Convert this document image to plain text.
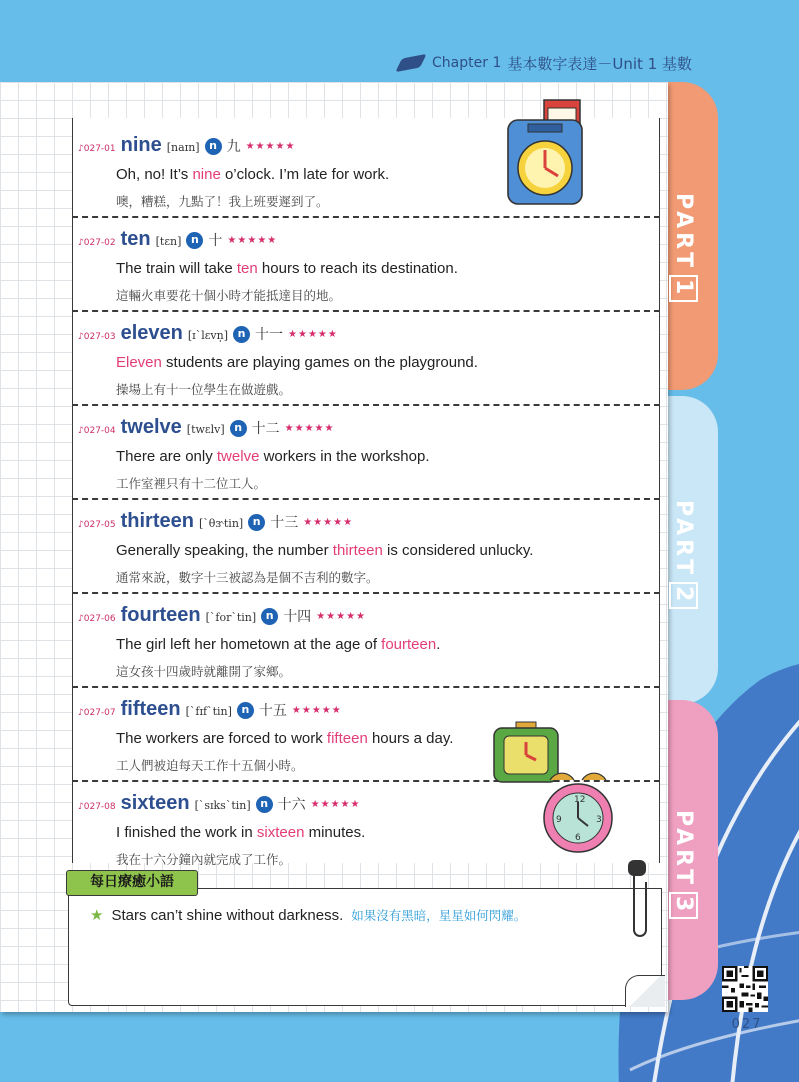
Chapter 1 基本數字表達－Unit 1 基數
PART1
PART2
PART3
♪027-01 nine [naɪn] n 九 ★★★★★
Oh, no! It’s nine o’clock. I’m late for work.
噢，糟糕，九點了！我上班要遲到了。
♪027-02 ten [tɛn] n 十 ★★★★★
The train will take ten hours to reach its destination.
這輛火車要花十個小時才能抵達目的地。
♪027-03 eleven [ɪˋlɛvn̩] n 十一 ★★★★★
Eleven students are playing games on the playground.
操場上有十一位學生在做遊戲。
♪027-04 twelve [twɛlv] n 十二 ★★★★★
There are only twelve workers in the workshop.
工作室裡只有十二位工人。
♪027-05 thirteen [ˋθɝtin] n 十三 ★★★★★
Generally speaking, the number thirteen is considered unlucky.
通常來說，數字十三被認為是個不吉利的數字。
♪027-06 fourteen [ˋforˋtin] n 十四 ★★★★★
The girl left her hometown at the age of fourteen.
這女孩十四歲時就離開了家鄉。
♪027-07 fifteen [ˋfɪfˋtin] n 十五 ★★★★★
The workers are forced to work fifteen hours a day.
工人們被迫每天工作十五個小時。
♪027-08 sixteen [ˋsɪksˋtin] n 十六 ★★★★★
I finished the work in sixteen minutes.
我在十六分鐘內就完成了工作。
12
3
6
9
每日療癒小語
★ Stars can’t shine without darkness. 如果沒有黑暗，星星如何閃耀。
027
